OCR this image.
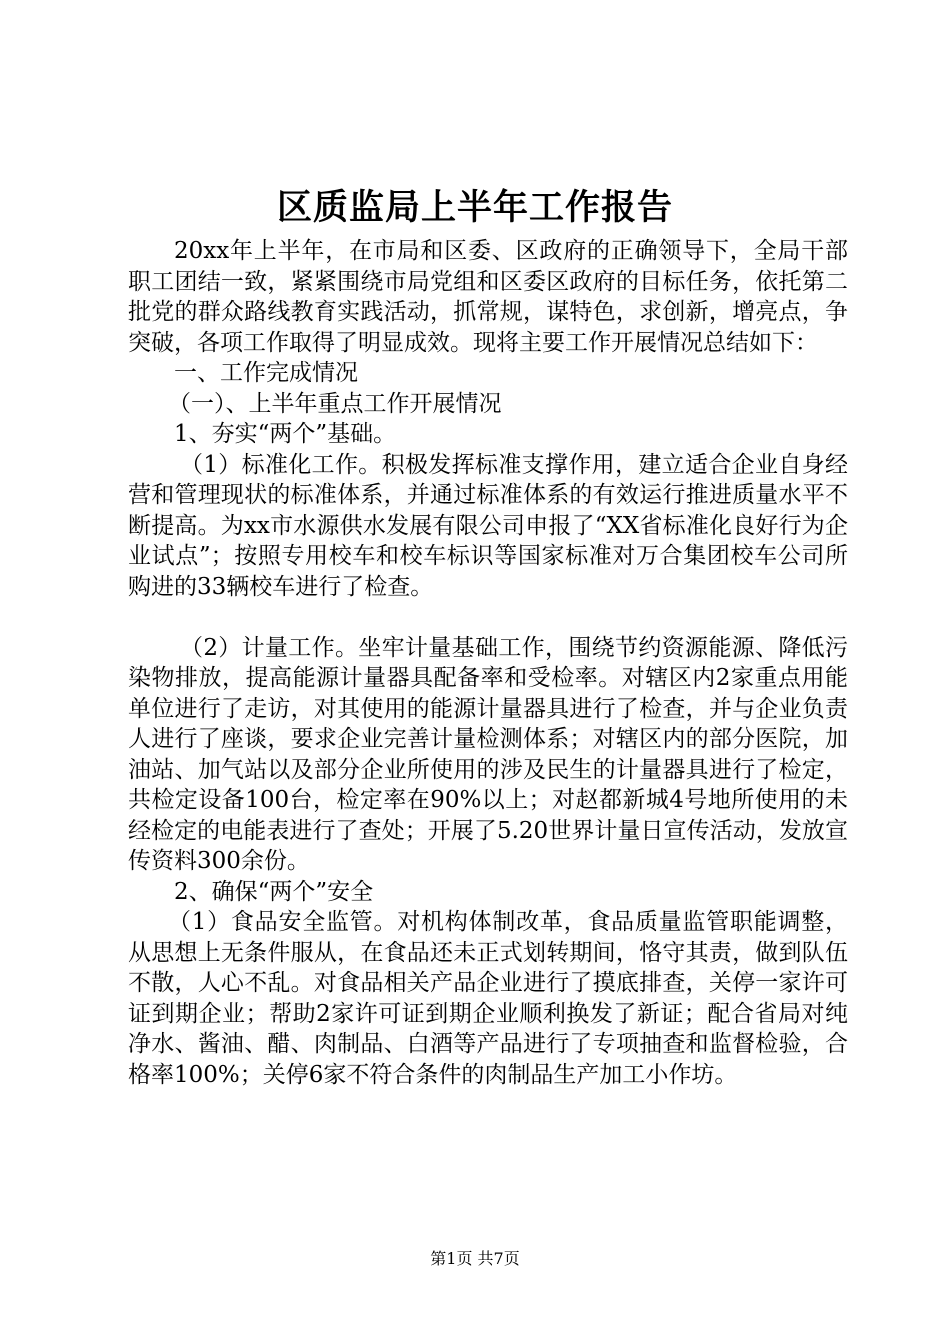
区质监局上半年工作报告

20xx年上半年，在市局和区委、区政府的正确领导下，全局干部职工团结一致，紧紧围绕市局党组和区委区政府的目标任务，依托第二批党的群众路线教育实践活动，抓常规，谋特色，求创新，增亮点，争突破，各项工作取得了明显成效。现将主要工作开展情况总结如下：

一、工作完成情况

（一）、上半年重点工作开展情况

1、夯实“两个”基础。

（1）标准化工作。积极发挥标准支撑作用，建立适合企业自身经营和管理现状的标准体系，并通过标准体系的有效运行推进质量水平不断提高。为xx市水源供水发展有限公司申报了“XX省标准化良好行为企业试点”；按照专用校车和校车标识等国家标准对万合集团校车公司所购进的33辆校车进行了检查。

（2）计量工作。坐牢计量基础工作，围绕节约资源能源、降低污染物排放，提高能源计量器具配备率和受检率。对辖区内2家重点用能单位进行了走访，对其使用的能源计量器具进行了检查，并与企业负责人进行了座谈，要求企业完善计量检测体系；对辖区内的部分医院，加油站、加气站以及部分企业所使用的涉及民生的计量器具进行了检定，共检定设备100台，检定率在90%以上；对赵都新城4号地所使用的未经检定的电能表进行了查处；开展了5.20世界计量日宣传活动，发放宣传资料300余份。

2、确保“两个”安全

（1）食品安全监管。对机构体制改革，食品质量监管职能调整，从思想上无条件服从，在食品还未正式划转期间，恪守其责，做到队伍不散，人心不乱。对食品相关产品企业进行了摸底排查，关停一家许可证到期企业；帮助2家许可证到期企业顺利换发了新证；配合省局对纯净水、酱油、醋、肉制品、白酒等产品进行了专项抽查和监督检验，合格率100%；关停6家不符合条件的肉制品生产加工小作坊。

第1页 共7页
